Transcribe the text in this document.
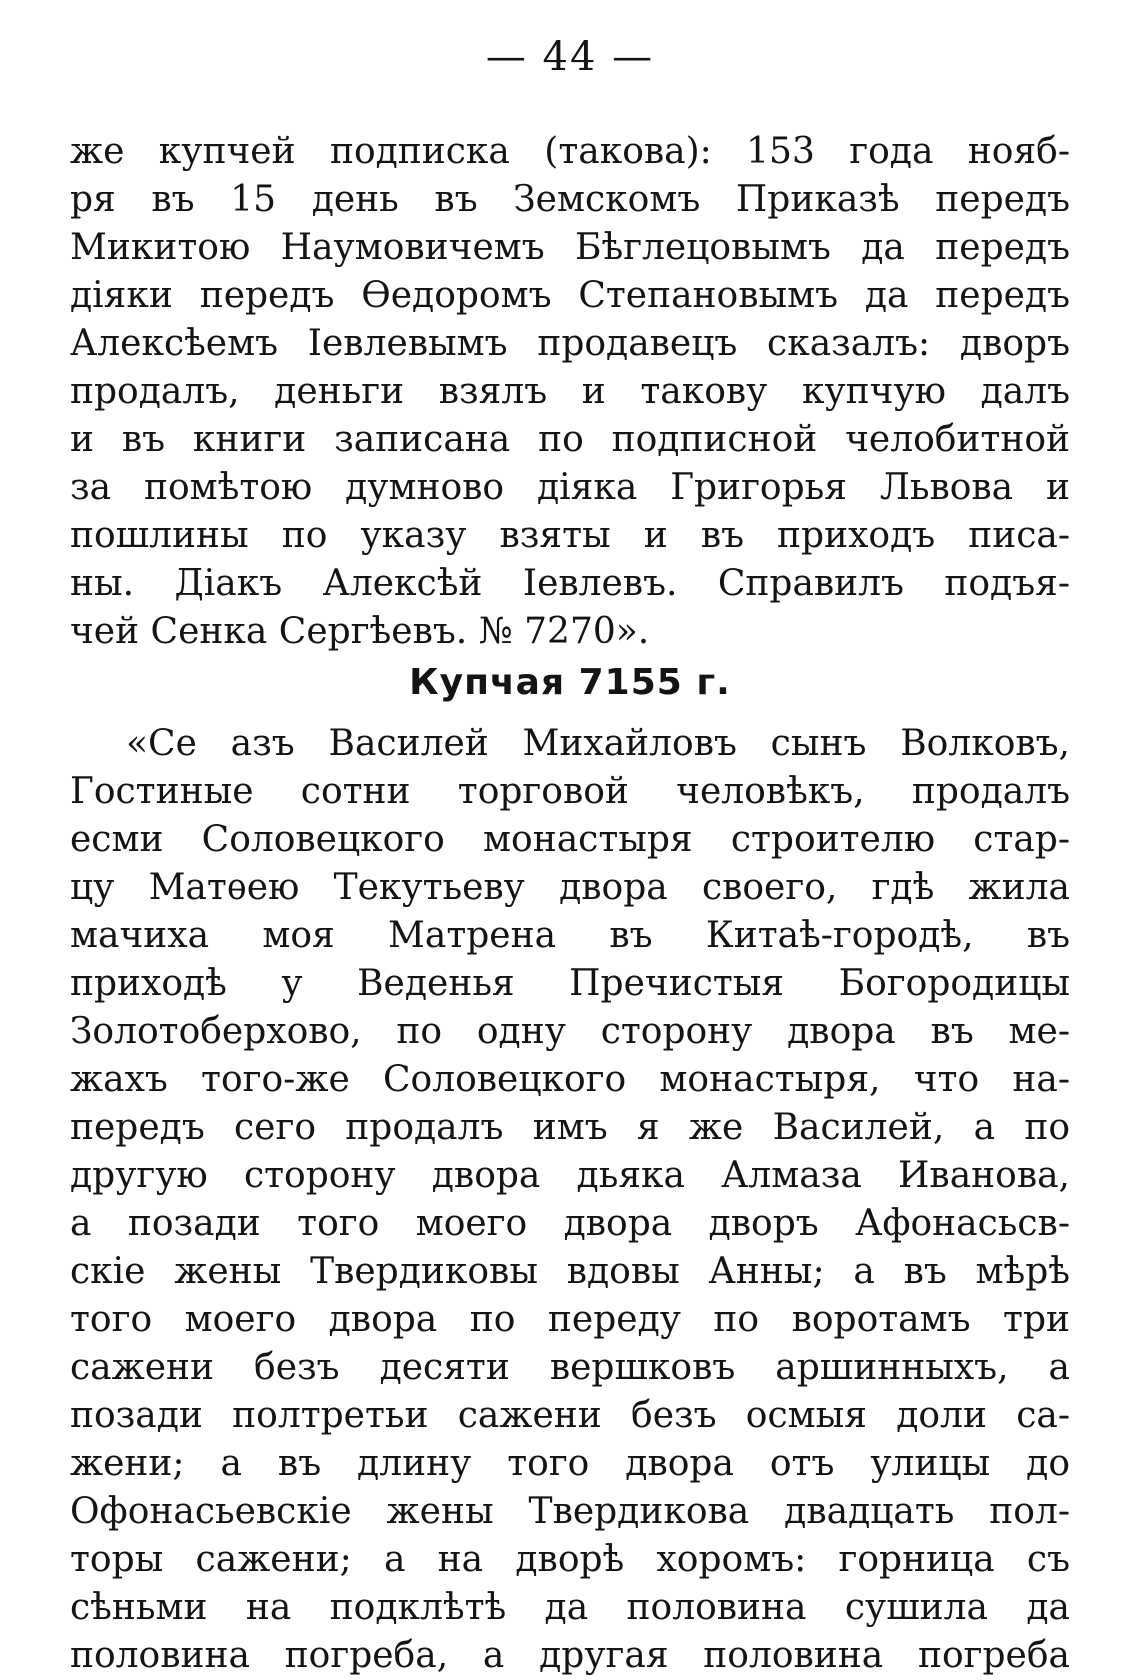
— 44 —
же купчей подписка (такова): 153 года нояб-
ря въ 15 день въ Земскомъ Приказѣ передъ
Микитою Наумовичемъ Бѣглецовымъ да передъ
діяки передъ Ѳедоромъ Степановымъ да передъ
Алексѣемъ Іевлевымъ продавецъ сказалъ: дворъ
продалъ, деньги взялъ и такову купчую далъ
и въ книги записана по подписной челобитной
за помѣтою думново діяка Григорья Львова и
пошлины по указу взяты и въ приходъ писа-
ны. Діакъ Алексѣй Іевлевъ. Справилъ подъя-
чей Сенка Сергѣевъ. № 7270».
Купчая 7155 г.
«Се азъ Василей Михайловъ сынъ Волковъ,
Гостиные сотни торговой человѣкъ, продалъ
есми Соловецкого монастыря строителю стар-
цу Матѳею Текутьеву двора своего, гдѣ жила
мачиха моя Матрена въ Китаѣ-городѣ, въ
приходѣ у Веденья Пречистыя Богородицы
Золотоберхово, по одну сторону двора въ ме-
жахъ того-же Соловецкого монастыря, что на-
передъ сего продалъ имъ я же Василей, а по
другую сторону двора дьяка Алмаза Иванова,
а позади того моего двора дворъ Афонасьсв-
скіе жены Твердиковы вдовы Анны; а въ мѣрѣ
того моего двора по переду по воротамъ три
сажени безъ десяти вершковъ аршинныхъ, а
позади полтретьи сажени безъ осмыя доли са-
жени; а въ длину того двора отъ улицы до
Офонасьевскіе жены Твердикова двадцать пол-
торы сажени; а на дворѣ хоромъ: горница съ
сѣньми на подклѣтѣ да половина сушила да
половина погреба, а другая половина погреба
